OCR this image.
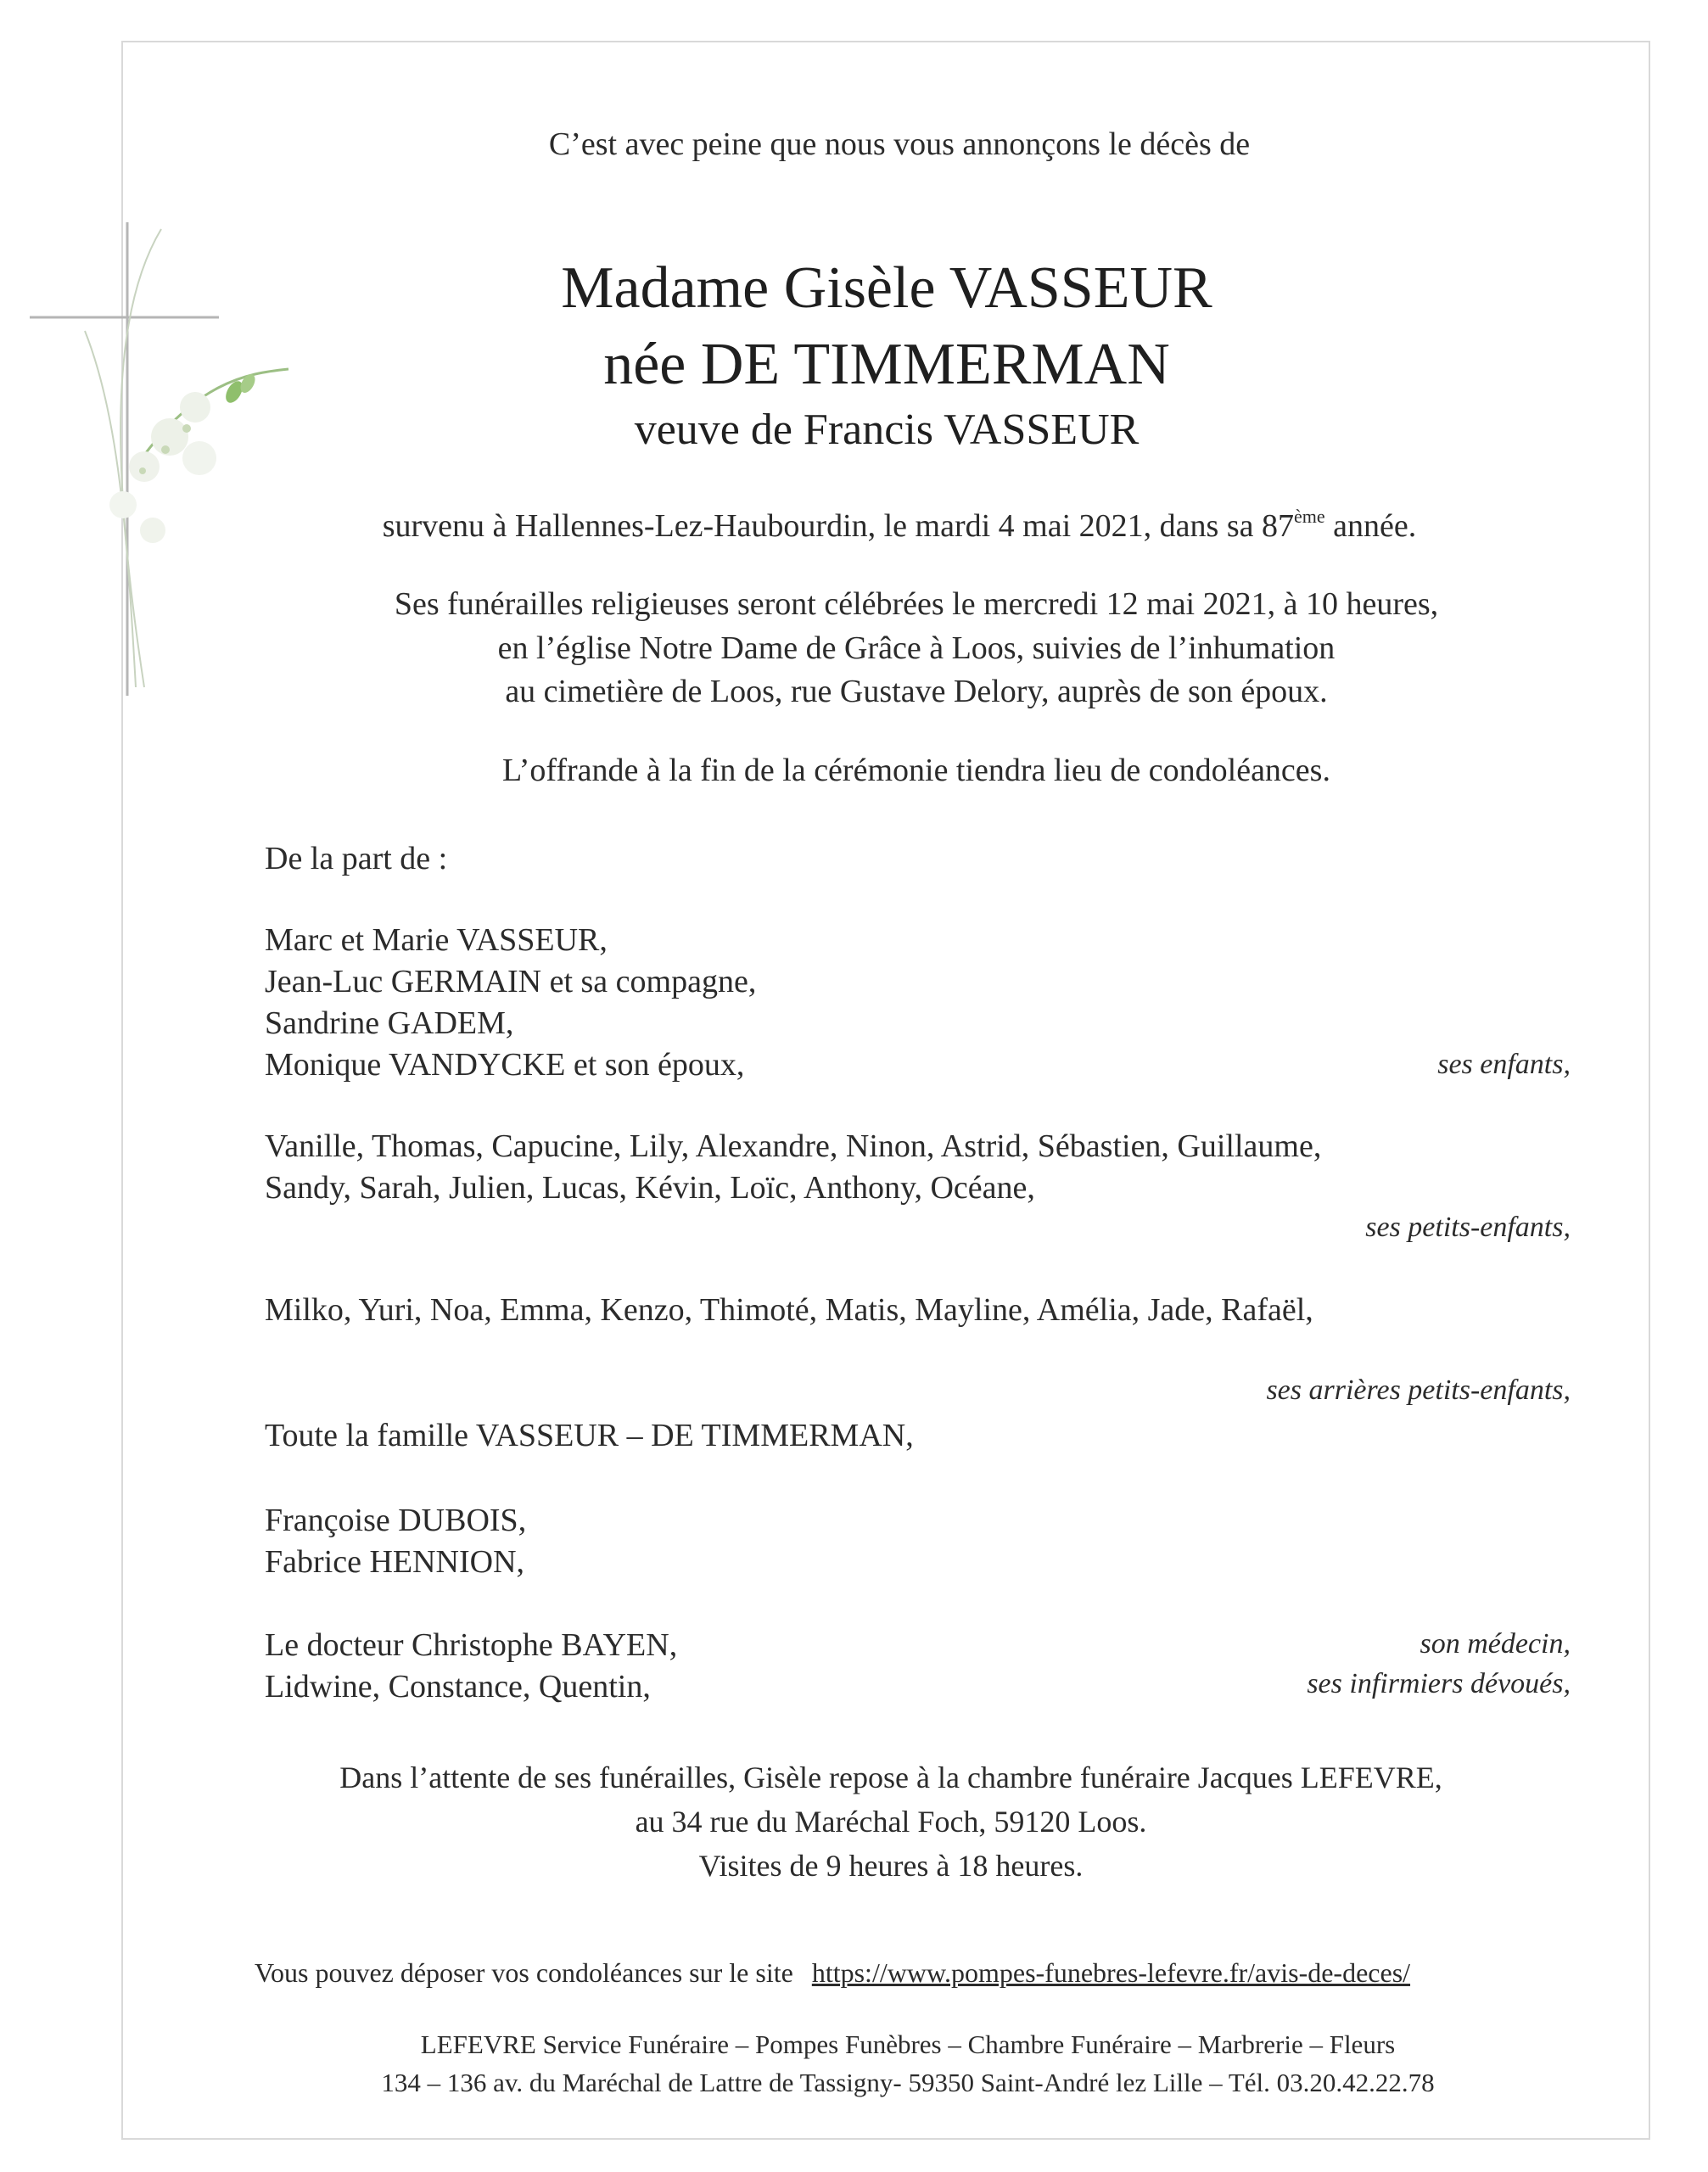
C’est avec peine que nous vous annonçons le décès de
Madame Gisèle VASSEUR
née DE TIMMERMAN
veuve de Francis VASSEUR
survenu à Hallennes-Lez-Haubourdin, le mardi 4 mai 2021, dans sa 87ème année.
Ses funérailles religieuses seront célébrées le mercredi 12 mai 2021, à 10 heures,
en l’église Notre Dame de Grâce à Loos, suivies de l’inhumation
au cimetière de Loos, rue Gustave Delory, auprès de son époux.
L’offrande à la fin de la cérémonie tiendra lieu de condoléances.
De la part de :
Marc et Marie VASSEUR,
Jean-Luc GERMAIN et sa compagne,
Sandrine GADEM,
Monique VANDYCKE et son époux,	ses enfants,
Vanille, Thomas, Capucine, Lily, Alexandre, Ninon, Astrid, Sébastien, Guillaume,
Sandy, Sarah, Julien, Lucas, Kévin, Loïc, Anthony, Océane,
ses petits-enfants,
Milko, Yuri, Noa, Emma, Kenzo, Thimoté, Matis, Mayline, Amélia, Jade, Rafaël,
ses arrières petits-enfants,
Toute la famille VASSEUR – DE TIMMERMAN,
Françoise DUBOIS,
Fabrice HENNION,
Le docteur Christophe BAYEN,	son médecin,
Lidwine, Constance, Quentin,	ses infirmiers dévoués,
Dans l’attente de ses funérailles, Gisèle repose à la chambre funéraire Jacques LEFEVRE,
au 34 rue du Maréchal Foch, 59120 Loos.
Visites de 9 heures à 18 heures.
Vous pouvez déposer vos condoléances sur le site https://www.pompes-funebres-lefevre.fr/avis-de-deces/
LEFEVRE Service Funéraire – Pompes Funèbres – Chambre Funéraire – Marbrerie – Fleurs
134 – 136 av. du Maréchal de Lattre de Tassigny- 59350 Saint-André lez Lille – Tél. 03.20.42.22.78
